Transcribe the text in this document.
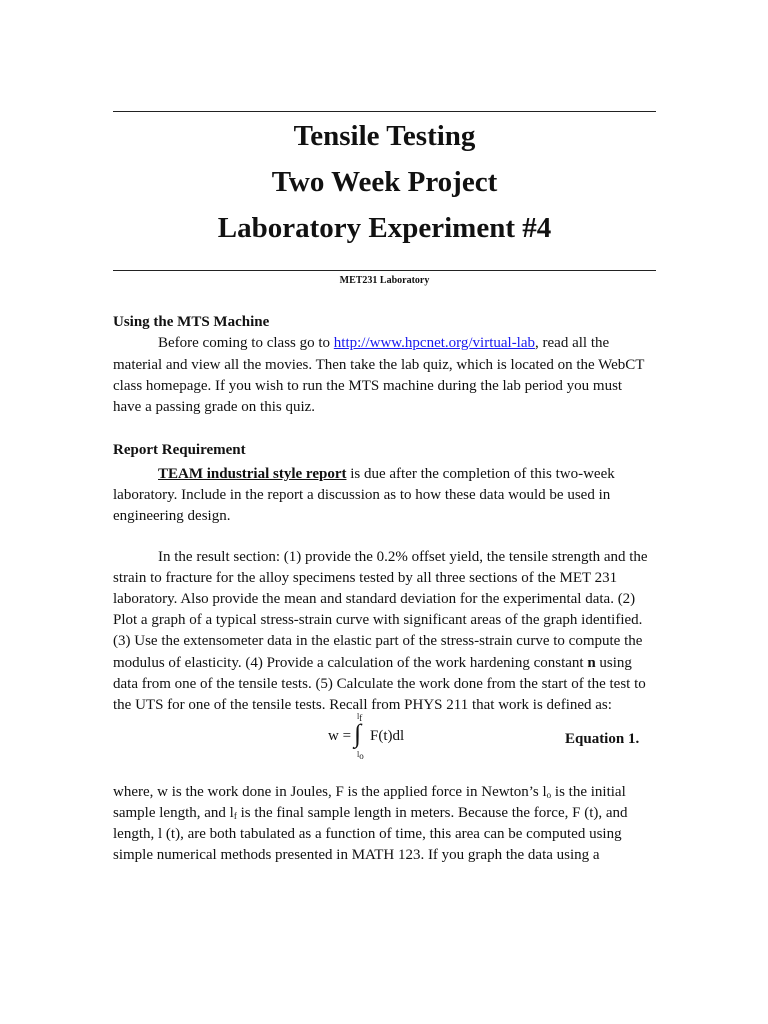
Tensile Testing
Two Week Project
Laboratory Experiment #4
MET231 Laboratory
Using the MTS Machine
Before coming to class go to http://www.hpcnet.org/virtual-lab, read all the
material and view all the movies. Then take the lab quiz, which is located on the WebCT
class homepage. If you wish to run the MTS machine during the lab period you must
have a passing grade on this quiz.
Report Requirement
TEAM industrial style report is due after the completion of this two-week
laboratory. Include in the report a discussion as to how these data would be used in
engineering design.
In the result section: (1) provide the 0.2% offset yield, the tensile strength and the
strain to fracture for the alloy specimens tested by all three sections of the MET 231
laboratory. Also provide the mean and standard deviation for the experimental data. (2)
Plot a graph of a typical stress-strain curve with significant areas of the graph identified.
(3) Use the extensometer data in the elastic part of the stress-strain curve to compute the
modulus of elasticity. (4) Provide a calculation of the work hardening constant n using
data from one of the tensile tests. (5) Calculate the work done from the start of the test to
the UTS for one of the tensile tests. Recall from PHYS 211 that work is defined as:
$l_f$
w = ∫ F(t)dl
$l_o$
Equation 1.
where, w is the work done in Joules, F is the applied force in Newton’s $l_o$ is the initial
sample length, and $l_f$ is the final sample length in meters. Because the force, F (t), and
length, l (t), are both tabulated as a function of time, this area can be computed using
simple numerical methods presented in MATH 123. If you graph the data using a
